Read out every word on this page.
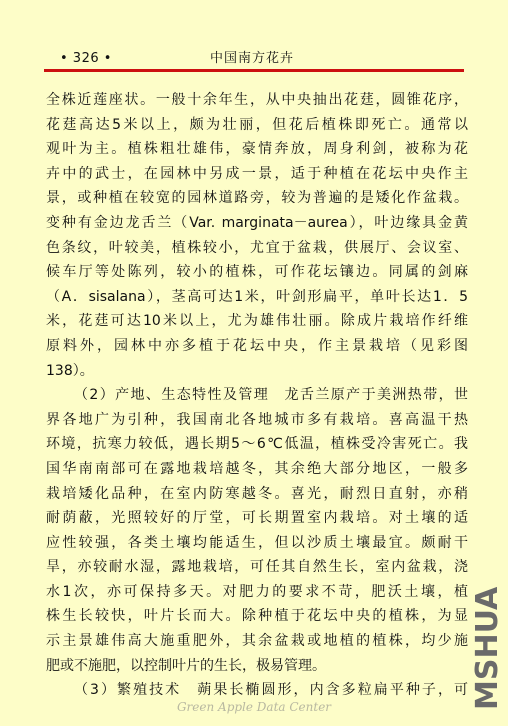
• 326 •	中国南方花卉
全株近莲座状。一般十余年生，从中央抽出花莛，圆锥花序，
花莛高达5米以上，颇为壮丽，但花后植株即死亡。通常以
观叶为主。植株粗壮雄伟，豪情奔放，周身利剑，被称为花
卉中的武士，在园林中另成一景，适于种植在花坛中央作主
景，或种植在较宽的园林道路旁，较为普遍的是矮化作盆栽。
变种有金边龙舌兰（Var. marginata－aurea），叶边缘具金黄
色条纹，叶较美，植株较小，尤宜于盆栽，供展厅、会议室、
候车厅等处陈列，较小的植株，可作花坛镶边。同属的剑麻
（A．sisalana），茎高可达1米，叶剑形扁平，单叶长达1．5
米，花莛可达10米以上，尤为雄伟壮丽。除成片栽培作纤维
原料外，园林中亦多植于花坛中央，作主景栽培（见彩图
138）。
（2）产地、生态特性及管理　龙舌兰原产于美洲热带，世
界各地广为引种，我国南北各地城市多有栽培。喜高温干热
环境，抗寒力较低，遇长期5～6℃低温，植株受冷害死亡。我
国华南南部可在露地栽培越冬，其余绝大部分地区，一般多
栽培矮化品种，在室内防寒越冬。喜光，耐烈日直射，亦稍
耐荫蔽，光照较好的厅堂，可长期置室内栽培。对土壤的适
应性较强，各类土壤均能适生，但以沙质土壤最宜。颇耐干
旱，亦较耐水湿，露地栽培，可任其自然生长，室内盆栽，浇
水1次，亦可保持多天。对肥力的要求不苛，肥沃土壤，植
株生长较快，叶片长而大。除种植于花坛中央的植株，为显
示主景雄伟高大施重肥外，其余盆栽或地植的植株，均少施
肥或不施肥，以控制叶片的生长，极易管理。
（3）繁殖技术　蒴果长椭圆形，内含多粒扁平种子，可 MSHUA
Green Apple Data Center
